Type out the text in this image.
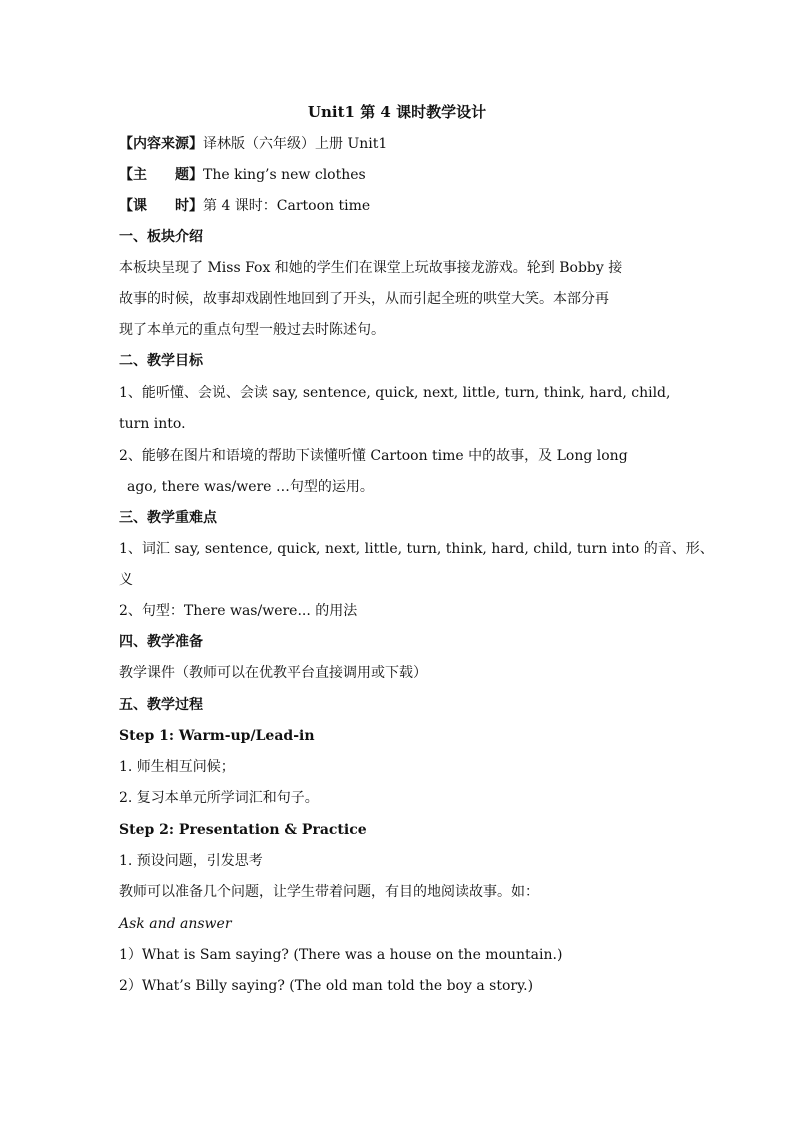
Unit1 第 4 课时教学设计
【内容来源】译林版（六年级）上册 Unit1
【主　　题】The king’s new clothes
【课　　时】第 4 课时：Cartoon time
一、板块介绍
本板块呈现了 Miss Fox 和她的学生们在课堂上玩故事接龙游戏。轮到 Bobby 接
故事的时候，故事却戏剧性地回到了开头，从而引起全班的哄堂大笑。本部分再
现了本单元的重点句型一般过去时陈述句。
二、教学目标
1、能听懂、会说、会读 say, sentence, quick, next, little, turn, think, hard, child,
turn into.
2、能够在图片和语境的帮助下读懂听懂 Cartoon time 中的故事，及 Long long
ago, there was/were …句型的运用。
三、教学重难点
1、词汇 say, sentence, quick, next, little, turn, think, hard, child, turn into 的音、形、
义
2、句型：There was/were... 的用法
四、教学准备
教学课件（教师可以在优教平台直接调用或下载）
五、教学过程
Step 1: Warm-up/Lead-in
1. 师生相互问候；
2. 复习本单元所学词汇和句子。
Step 2: Presentation & Practice
1. 预设问题，引发思考
教师可以准备几个问题，让学生带着问题，有目的地阅读故事。如：
Ask and answer
1）What is Sam saying? (There was a house on the mountain.)
2）What’s Billy saying? (The old man told the boy a story.)
